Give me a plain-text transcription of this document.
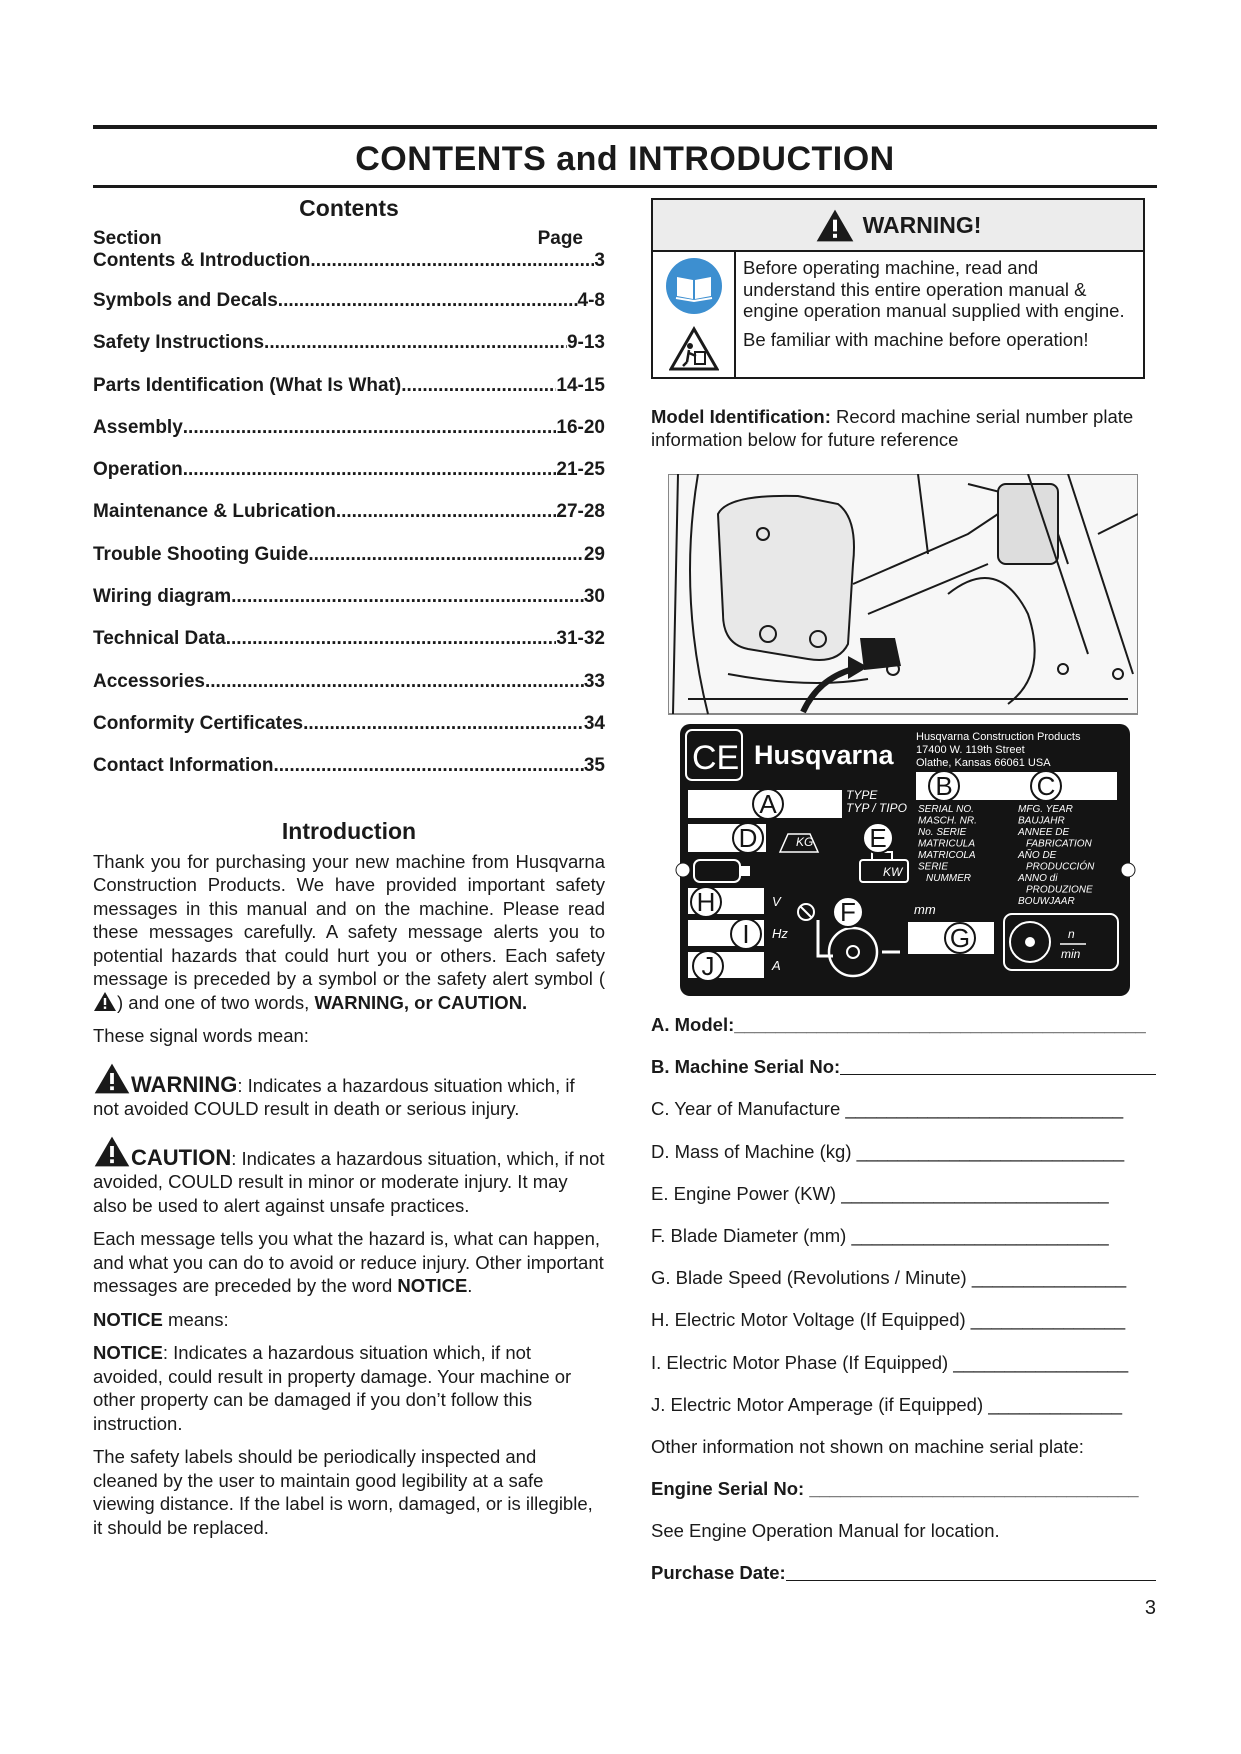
CONTENTS and INTRODUCTION
Contents
Section	Page
Contents & Introduction .....	3
Symbols and Decals .....	4-8
Safety Instructions .....	9-13
Parts Identification (What Is What) .....	14-15
Assembly .....	16-20
Operation .....	21-25
Maintenance & Lubrication .....	27-28
Trouble Shooting Guide .....	29
Wiring diagram .....	30
Technical Data .....	31-32
Accessories .....	33
Conformity Certificates .....	34
Contact Information .....	35
Introduction

Thank you for purchasing your new machine from Husqvarna Construction Products. We have provided important safety messages in this manual and on the machine. Please read these messages carefully. A safety message alerts you to potential hazards that could hurt you or others. Each safety message is preceded by a symbol or the safety alert symbol () and one of two words, WARNING, or CAUTION.

These signal words mean:

WARNING: Indicates a hazardous situation which, if not avoided COULD result in death or serious injury.
CAUTION: Indicates a hazardous situation, which, if not avoided, COULD result in minor or moderate injury. It may also be used to alert against unsafe practices.

Each message tells you what the hazard is, what can happen, and what you can do to avoid or reduce injury. Other important messages are preceded by the word NOTICE.

NOTICE means:

NOTICE: Indicates a hazardous situation which, if not avoided, could result in property damage. Your machine or other property can be damaged if you don’t follow this instruction.

The safety labels should be periodically inspected and cleaned by the user to maintain good legibility at a safe viewing distance. If the label is worn, damaged, or is illegible, it should be replaced.

WARNING!

Before operating machine, read and understand this entire operation manual & engine operation manual supplied with engine.

Be familiar with machine before operation!

Model Identification: Record machine serial number plate information below for future reference
CE Husqvarna
Husqvarna Construction Products
17400 W. 119th Street
Olathe, Kansas 66061 USA
TYPE TYP / TIPO SERIAL NO. MASCH. NR. No. SERIE MATRICULA MATRICOLA SERIE NUMMER
MFG. YEAR BAUJAHR ANNEE DE FABRICATION AÑO DE PRODUCCIÓN ANNO di PRODUZIONE BOUWJAAR
KG
KW
V
Hz
A
mm
n
min
A
B	C
D	E
F
G
H
I
J
A. Model:________________________________________
B. Machine Serial No:
C. Year of Manufacture ___________________________
D. Mass of Machine (kg) __________________________
E. Engine Power (KW) __________________________
F. Blade Diameter (mm) _________________________
G. Blade Speed (Revolutions / Minute) _______________
H. Electric Motor Voltage (If Equipped) _______________
I. Electric Motor Phase (If Equipped) _________________
J. Electric Motor Amperage (if Equipped) _____________
Other information not shown on machine serial plate:
Engine Serial No: ________________________________
See Engine Operation Manual for location.
Purchase Date:
3
